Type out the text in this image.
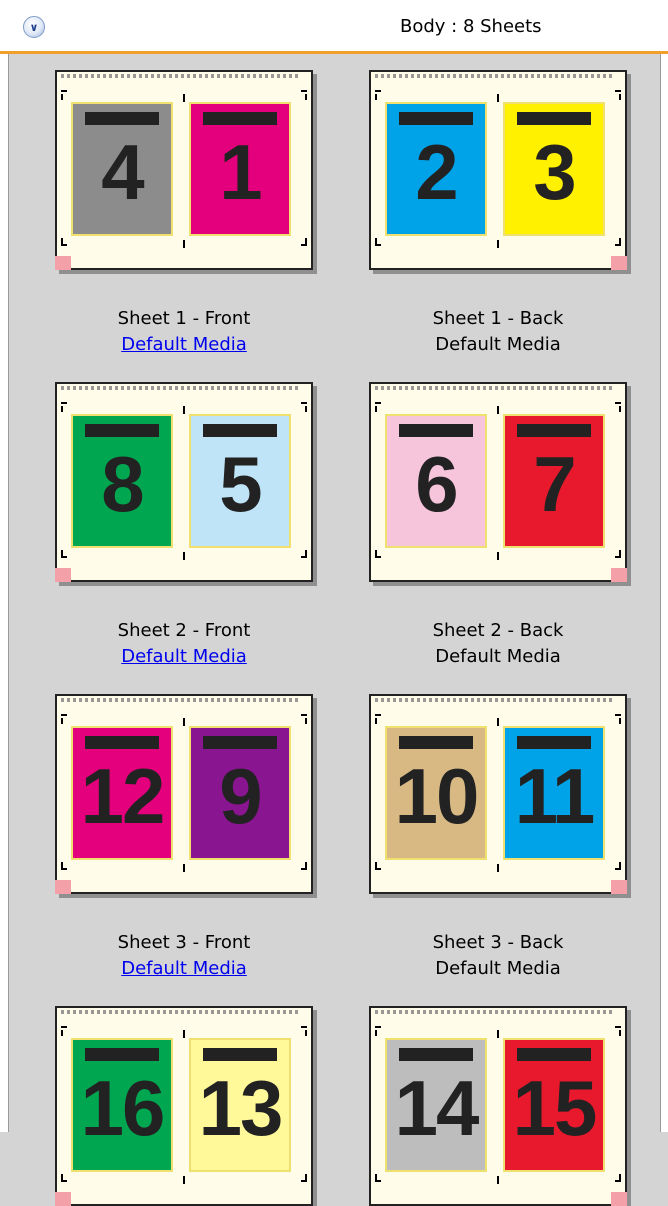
∨	Body : 8 Sheets
4 1
Sheet 1 - Front
Default Media
2 3
Sheet 1 - Back
Default Media
8 5
Sheet 2 - Front
Default Media
6 7
Sheet 2 - Back
Default Media
12 9
Sheet 3 - Front
Default Media
10 11
Sheet 3 - Back
Default Media
16 13 14 15
